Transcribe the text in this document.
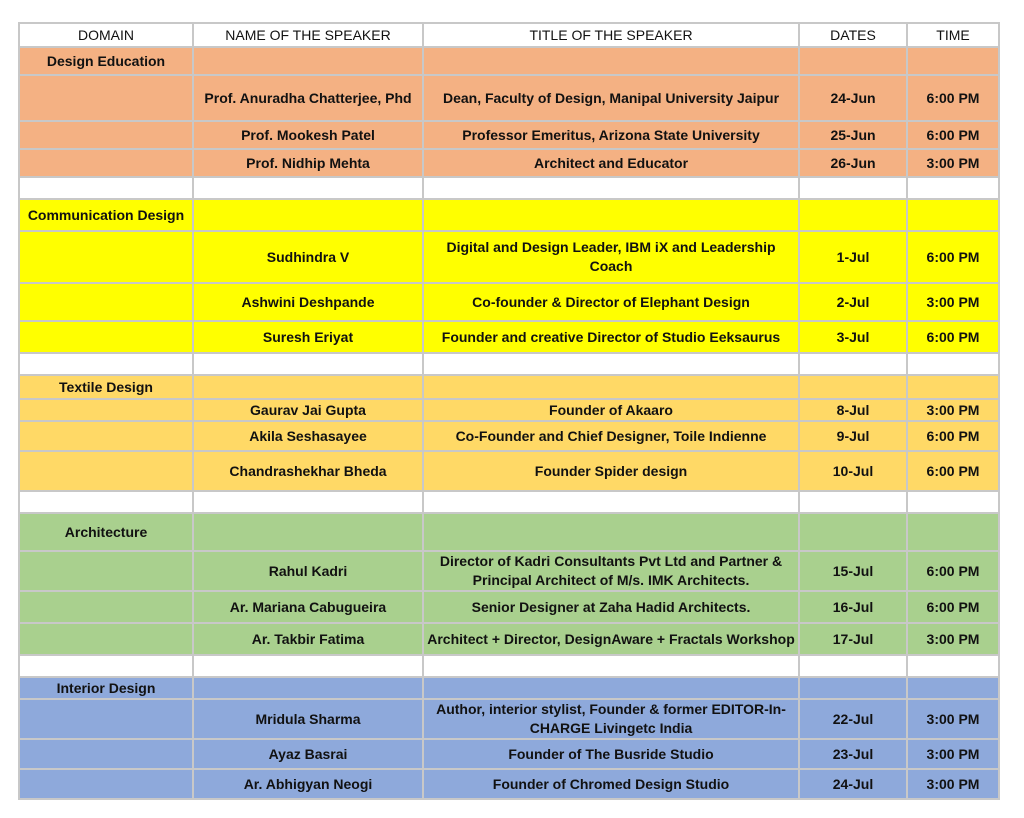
DOMAIN	NAME OF THE SPEAKER	TITLE OF THE SPEAKER	DATES	TIME
Design Education				
	Prof. Anuradha Chatterjee, Phd	Dean, Faculty of Design, Manipal University Jaipur	24-Jun	6:00 PM
	Prof. Mookesh Patel	Professor Emeritus, Arizona State University	25-Jun	6:00 PM
	Prof. Nidhip Mehta	Architect and Educator	26-Jun	3:00 PM

Communication Design				
	Sudhindra V	Digital and Design Leader, IBM iX and Leadership Coach	1-Jul	6:00 PM
	Ashwini Deshpande	Co-founder & Director of Elephant Design	2-Jul	3:00 PM
	Suresh Eriyat	Founder and creative Director of Studio Eeksaurus	3-Jul	6:00 PM

Textile Design				
	Gaurav Jai Gupta	Founder of Akaaro	8-Jul	3:00 PM
	Akila Seshasayee	Co-Founder and Chief Designer, Toile Indienne	9-Jul	6:00 PM
	Chandrashekhar Bheda	Founder Spider design	10-Jul	6:00 PM

Architecture				
	Rahul Kadri	Director of Kadri Consultants Pvt Ltd and Partner & Principal Architect of M/s. IMK Architects.	15-Jul	6:00 PM
	Ar. Mariana Cabugueira	Senior Designer at Zaha Hadid Architects.	16-Jul	6:00 PM
	Ar. Takbir Fatima	Architect + Director, DesignAware + Fractals Workshop	17-Jul	3:00 PM

Interior Design				
	Mridula Sharma	Author, interior stylist, Founder & former EDITOR-In-CHARGE Livingetc India	22-Jul	3:00 PM
	Ayaz Basrai	Founder of The Busride Studio	23-Jul	3:00 PM
	Ar. Abhigyan Neogi	Founder of Chromed Design Studio	24-Jul	3:00 PM
